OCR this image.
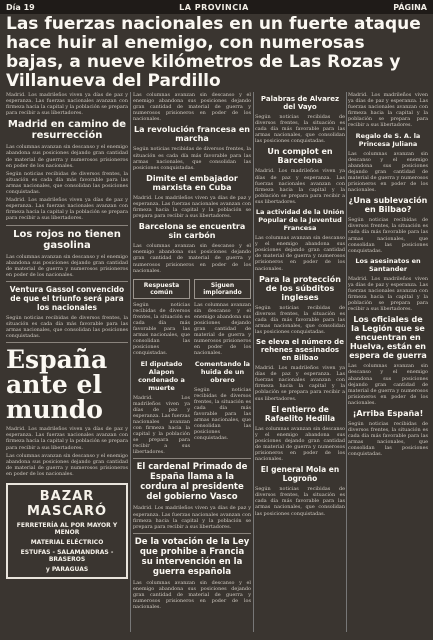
Día 19	LA PROVINCIA	PÁGINA
Las fuerzas nacionales en un fuerte ataque hace huir al enemigo, con numerosas bajas, a nueve kilómetros de Las Rozas y Villanueva del Pardillo

Madrid. Los madrileños viven ya días de paz y esperanza. Las fuerzas nacionales avanzan con firmeza hacia la capital y la población se prepara para recibir a sus libertadores.

Madrid en camino de resurrección

Las columnas avanzan sin descanso y el enemigo abandona sus posiciones dejando gran cantidad de material de guerra y numerosos prisioneros en poder de los nacionales.

Según noticias recibidas de diversos frentes, la situación es cada día más favorable para las armas nacionales, que consolidan las posiciones conquistadas.

Madrid. Los madrileños viven ya días de paz y esperanza. Las fuerzas nacionales avanzan con firmeza hacia la capital y la población se prepara para recibir a sus libertadores.

Los rojos no tienen gasolina

Las columnas avanzan sin descanso y el enemigo abandona sus posiciones dejando gran cantidad de material de guerra y numerosos prisioneros en poder de los nacionales.

Ventura Gassol convencido de que el triunfo será para los nacionales

Según noticias recibidas de diversos frentes, la situación es cada día más favorable para las armas nacionales, que consolidan las posiciones conquistadas.

España ante el mundo

Madrid. Los madrileños viven ya días de paz y esperanza. Las fuerzas nacionales avanzan con firmeza hacia la capital y la población se prepara para recibir a sus libertadores.

Las columnas avanzan sin descanso y el enemigo abandona sus posiciones dejando gran cantidad de material de guerra y numerosos prisioneros en poder de los nacionales.

BAZAR MASCARÓ
FERRETERÍA AL POR MAYOR Y MENOR
MATERIAL ELÉCTRICO
ESTUFAS - SALAMANDRAS - BRASEROS
y PARAGUAS

Las columnas avanzan sin descanso y el enemigo abandona sus posiciones dejando gran cantidad de material de guerra y numerosos prisioneros en poder de los nacionales.

La revolución francesa en marcha

Según noticias recibidas de diversos frentes, la situación es cada día más favorable para las armas nacionales, que consolidan las posiciones conquistadas.

Dimite el embajador marxista en Cuba

Madrid. Los madrileños viven ya días de paz y esperanza. Las fuerzas nacionales avanzan con firmeza hacia la capital y la población se prepara para recibir a sus libertadores.

Barcelona se encuentra sin carbón

Las columnas avanzan sin descanso y el enemigo abandona sus posiciones dejando gran cantidad de material de guerra y numerosos prisioneros en poder de los nacionales.

Respuesta común

Según noticias recibidas de diversos frentes, la situación es cada día más favorable para las armas nacionales, que consolidan las posiciones conquistadas.

El diputado Alapon condenado a muerte

Madrid. Los madrileños viven ya días de paz y esperanza. Las fuerzas nacionales avanzan con firmeza hacia la capital y la población se prepara para recibir a sus libertadores.

Siguen implorando

Las columnas avanzan sin descanso y el enemigo abandona sus posiciones dejando gran cantidad de material de guerra y numerosos prisioneros en poder de los nacionales.

Comentando la huida de un obrero

Según noticias recibidas de diversos frentes, la situación es cada día más favorable para las armas nacionales, que consolidan las posiciones conquistadas.

El cardenal Primado de España llama a la cordura al presidente del gobierno Vasco

Madrid. Los madrileños viven ya días de paz y esperanza. Las fuerzas nacionales avanzan con firmeza hacia la capital y la población se prepara para recibir a sus libertadores.

De la votación de la Ley que prohibe a Francia su intervención en la guerra española

Las columnas avanzan sin descanso y el enemigo abandona sus posiciones dejando gran cantidad de material de guerra y numerosos prisioneros en poder de los nacionales.

Palabras de Alvarez del Vayo

Según noticias recibidas de diversos frentes, la situación es cada día más favorable para las armas nacionales, que consolidan las posiciones conquistadas.

Un complot en Barcelona

Madrid. Los madrileños viven ya días de paz y esperanza. Las fuerzas nacionales avanzan con firmeza hacia la capital y la población se prepara para recibir a sus libertadores.

La actividad de la Unión Popular de la Juventud Francesa

Las columnas avanzan sin descanso y el enemigo abandona sus posiciones dejando gran cantidad de material de guerra y numerosos prisioneros en poder de los nacionales.

Para la protección de los súbditos ingleses

Según noticias recibidas de diversos frentes, la situación es cada día más favorable para las armas nacionales, que consolidan las posiciones conquistadas.

Se eleva el número de rehenes asesinados en Bilbao

Madrid. Los madrileños viven ya días de paz y esperanza. Las fuerzas nacionales avanzan con firmeza hacia la capital y la población se prepara para recibir a sus libertadores.

El entierro de Rafaelito Hedilla

Las columnas avanzan sin descanso y el enemigo abandona sus posiciones dejando gran cantidad de material de guerra y numerosos prisioneros en poder de los nacionales.

El general Mola en Logroño

Según noticias recibidas de diversos frentes, la situación es cada día más favorable para las armas nacionales, que consolidan las posiciones conquistadas.

Madrid. Los madrileños viven ya días de paz y esperanza. Las fuerzas nacionales avanzan con firmeza hacia la capital y la población se prepara para recibir a sus libertadores.

Regalo de S. A. la Princesa Juliana

Las columnas avanzan sin descanso y el enemigo abandona sus posiciones dejando gran cantidad de material de guerra y numerosos prisioneros en poder de los nacionales.

¿Una sublevación en Bilbao?

Según noticias recibidas de diversos frentes, la situación es cada día más favorable para las armas nacionales, que consolidan las posiciones conquistadas.

Los asesinatos en Santander

Madrid. Los madrileños viven ya días de paz y esperanza. Las fuerzas nacionales avanzan con firmeza hacia la capital y la población se prepara para recibir a sus libertadores.

Los oficiales de la Legión que se encuentran en Huelva, están en espera de guerra

Las columnas avanzan sin descanso y el enemigo abandona sus posiciones dejando gran cantidad de material de guerra y numerosos prisioneros en poder de los nacionales.

¡Arriba España!

Según noticias recibidas de diversos frentes, la situación es cada día más favorable para las armas nacionales, que consolidan las posiciones conquistadas.
